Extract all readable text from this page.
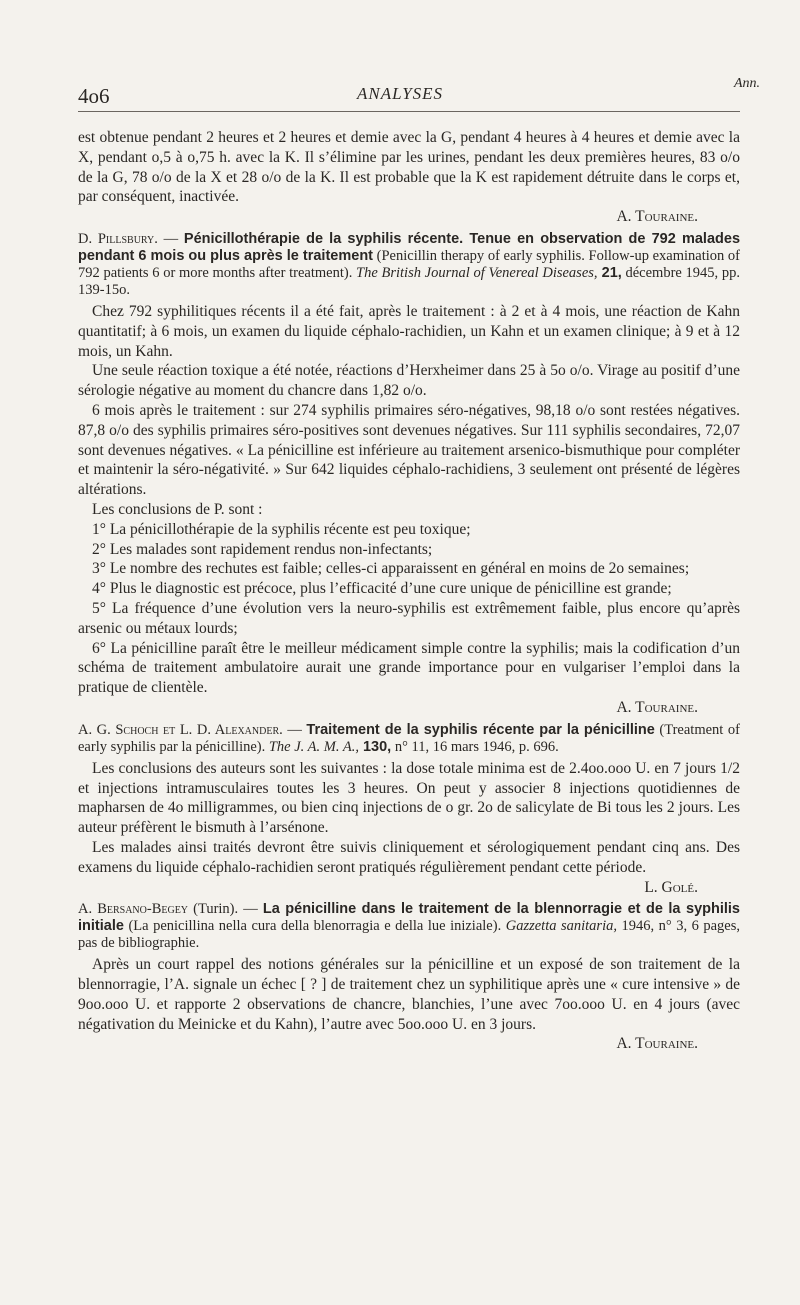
Ann.
4o6	ANALYSES

est obtenue pendant 2 heures et 2 heures et demie avec la G, pendant 4 heures à 4 heures et demie avec la X, pendant o,5 à o,75 h. avec la K. Il s’élimine par les urines, pendant les deux premières heures, 83 o/o de la G, 78 o/o de la X et 28 o/o de la K. Il est probable que la K est rapidement détruite dans le corps et, par conséquent, inactivée.

A. Touraine.

D. Pillsbury. — Pénicillothérapie de la syphilis récente. Tenue en observation de 792 malades pendant 6 mois ou plus après le traitement (Penicillin therapy of early syphilis. Follow-up examination of 792 patients 6 or more months after treatment). The British Journal of Venereal Diseases, 21, décembre 1945, pp. 139-15o.

Chez 792 syphilitiques récents il a été fait, après le traitement : à 2 et à 4 mois, une réaction de Kahn quantitatif; à 6 mois, un examen du liquide céphalo-rachidien, un Kahn et un examen clinique; à 9 et à 12 mois, un Kahn.

Une seule réaction toxique a été notée, réactions d’Herxheimer dans 25 à 5o o/o. Virage au positif d’une sérologie négative au moment du chancre dans 1,82 o/o.

6 mois après le traitement : sur 274 syphilis primaires séro-négatives, 98,18 o/o sont restées négatives. 87,8 o/o des syphilis primaires séro-positives sont devenues négatives. Sur 111 syphilis secondaires, 72,07 sont devenues négatives. « La pénicilline est inférieure au traitement arsenico-bismuthique pour compléter et maintenir la séro-négativité. » Sur 642 liquides céphalo-rachidiens, 3 seulement ont présenté de légères altérations.

Les conclusions de P. sont :

1° La pénicillothérapie de la syphilis récente est peu toxique;

2° Les malades sont rapidement rendus non-infectants;

3° Le nombre des rechutes est faible; celles-ci apparaissent en général en moins de 2o semaines;

4° Plus le diagnostic est précoce, plus l’efficacité d’une cure unique de pénicilline est grande;

5° La fréquence d’une évolution vers la neuro-syphilis est extrêmement faible, plus encore qu’après arsenic ou métaux lourds;

6° La pénicilline paraît être le meilleur médicament simple contre la syphilis; mais la codification d’un schéma de traitement ambulatoire aurait une grande importance pour en vulgariser l’emploi dans la pratique de clientèle.

A. Touraine.

A. G. Schoch et L. D. Alexander. — Traitement de la syphilis récente par la pénicilline (Treatment of early syphilis par la pénicilline). The J. A. M. A., 130, n° 11, 16 mars 1946, p. 696.

Les conclusions des auteurs sont les suivantes : la dose totale minima est de 2.4oo.ooo U. en 7 jours 1/2 et injections intramusculaires toutes les 3 heures. On peut y associer 8 injections quotidiennes de mapharsen de 4o milligrammes, ou bien cinq injections de o gr. 2o de salicylate de Bi tous les 2 jours. Les auteur préfèrent le bismuth à l’arsénone.

Les malades ainsi traités devront être suivis cliniquement et sérologiquement pendant cinq ans. Des examens du liquide céphalo-rachidien seront pratiqués régulièrement pendant cette période.

L. Golé.

A. Bersano-Begey (Turin). — La pénicilline dans le traitement de la blennorragie et de la syphilis initiale (La penicillina nella cura della blenorragia e della lue iniziale). Gazzetta sanitaria, 1946, n° 3, 6 pages, pas de bibliographie.

Après un court rappel des notions générales sur la pénicilline et un exposé de son traitement de la blennorragie, l’A. signale un échec [ ? ] de traitement chez un syphilitique après une « cure intensive » de 9oo.ooo U. et rapporte 2 observations de chancre, blanchies, l’une avec 7oo.ooo U. en 4 jours (avec négativation du Meinicke et du Kahn), l’autre avec 5oo.ooo U. en 3 jours.

A. Touraine.
